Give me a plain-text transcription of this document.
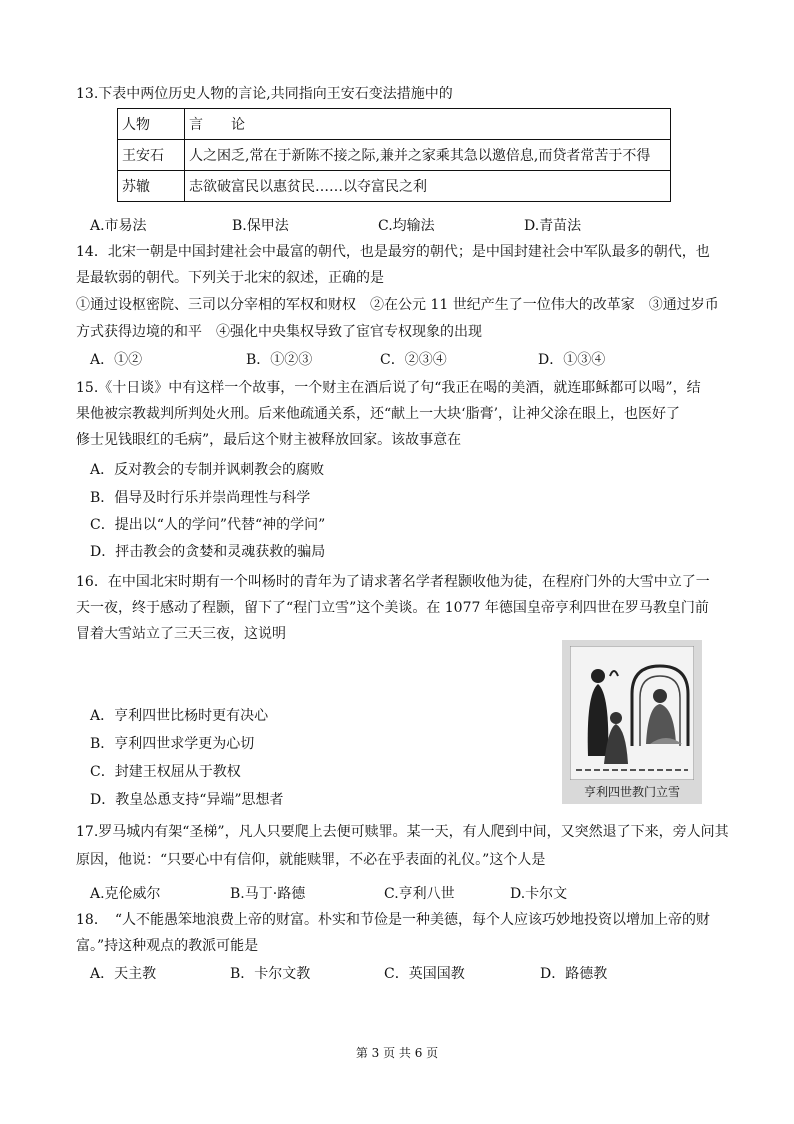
13.下表中两位历史人物的言论,共同指向王安石变法措施中的
人物	言　　论
王安石	人之困乏,常在于新陈不接之际,兼并之家乘其急以邀倍息,而贷者常苦于不得
苏辙	志欲破富民以惠贫民……以夺富民之利
A.市易法	B.保甲法	C.均输法	D.青苗法
14．北宋一朝是中国封建社会中最富的朝代，也是最穷的朝代；是中国封建社会中军队最多的朝代，也
是最软弱的朝代。下列关于北宋的叙述，正确的是
①通过设枢密院、三司以分宰相的军权和财权　②在公元 11 世纪产生了一位伟大的改革家　③通过岁币
方式获得边境的和平　④强化中央集权导致了宦官专权现象的出现
A．①②	B．①②③	C．②③④	D．①③④
15.《十日谈》中有这样一个故事，一个财主在酒后说了句“我正在喝的美酒，就连耶稣都可以喝”，结
果他被宗教裁判所判处火刑。后来他疏通关系，还“献上一大块‘脂膏’，让神父涂在眼上，也医好了
修士见钱眼红的毛病”，最后这个财主被释放回家。该故事意在
A．反对教会的专制并讽刺教会的腐败
B．倡导及时行乐并崇尚理性与科学
C．提出以“人的学问”代替“神的学问”
D．抨击教会的贪婪和灵魂获救的骗局
16．在中国北宋时期有一个叫杨时的青年为了请求著名学者程颢收他为徒，在程府门外的大雪中立了一
天一夜，终于感动了程颢，留下了“程门立雪”这个美谈。在 1077 年德国皇帝亨利四世在罗马教皇门前
冒着大雪站立了三天三夜，这说明
A．亨利四世比杨时更有决心
B．亨利四世求学更为心切
C．封建王权屈从于教权
D．教皇怂恿支持“异端”思想者	亨利四世教门立雪
17.罗马城内有架“圣梯”，凡人只要爬上去便可赎罪。某一天，有人爬到中间，又突然退了下来，旁人问其
原因，他说：“只要心中有信仰，就能赎罪，不必在乎表面的礼仪。”这个人是
A.克伦威尔	B.马丁·路德	C.亨利八世	D.卡尔文
18．　“人不能愚笨地浪费上帝的财富。朴实和节俭是一种美德，每个人应该巧妙地投资以增加上帝的财
富。”持这种观点的教派可能是
A．天主教	B．卡尔文教	C．英国国教	D．路德教
第 3 页 共 6 页
